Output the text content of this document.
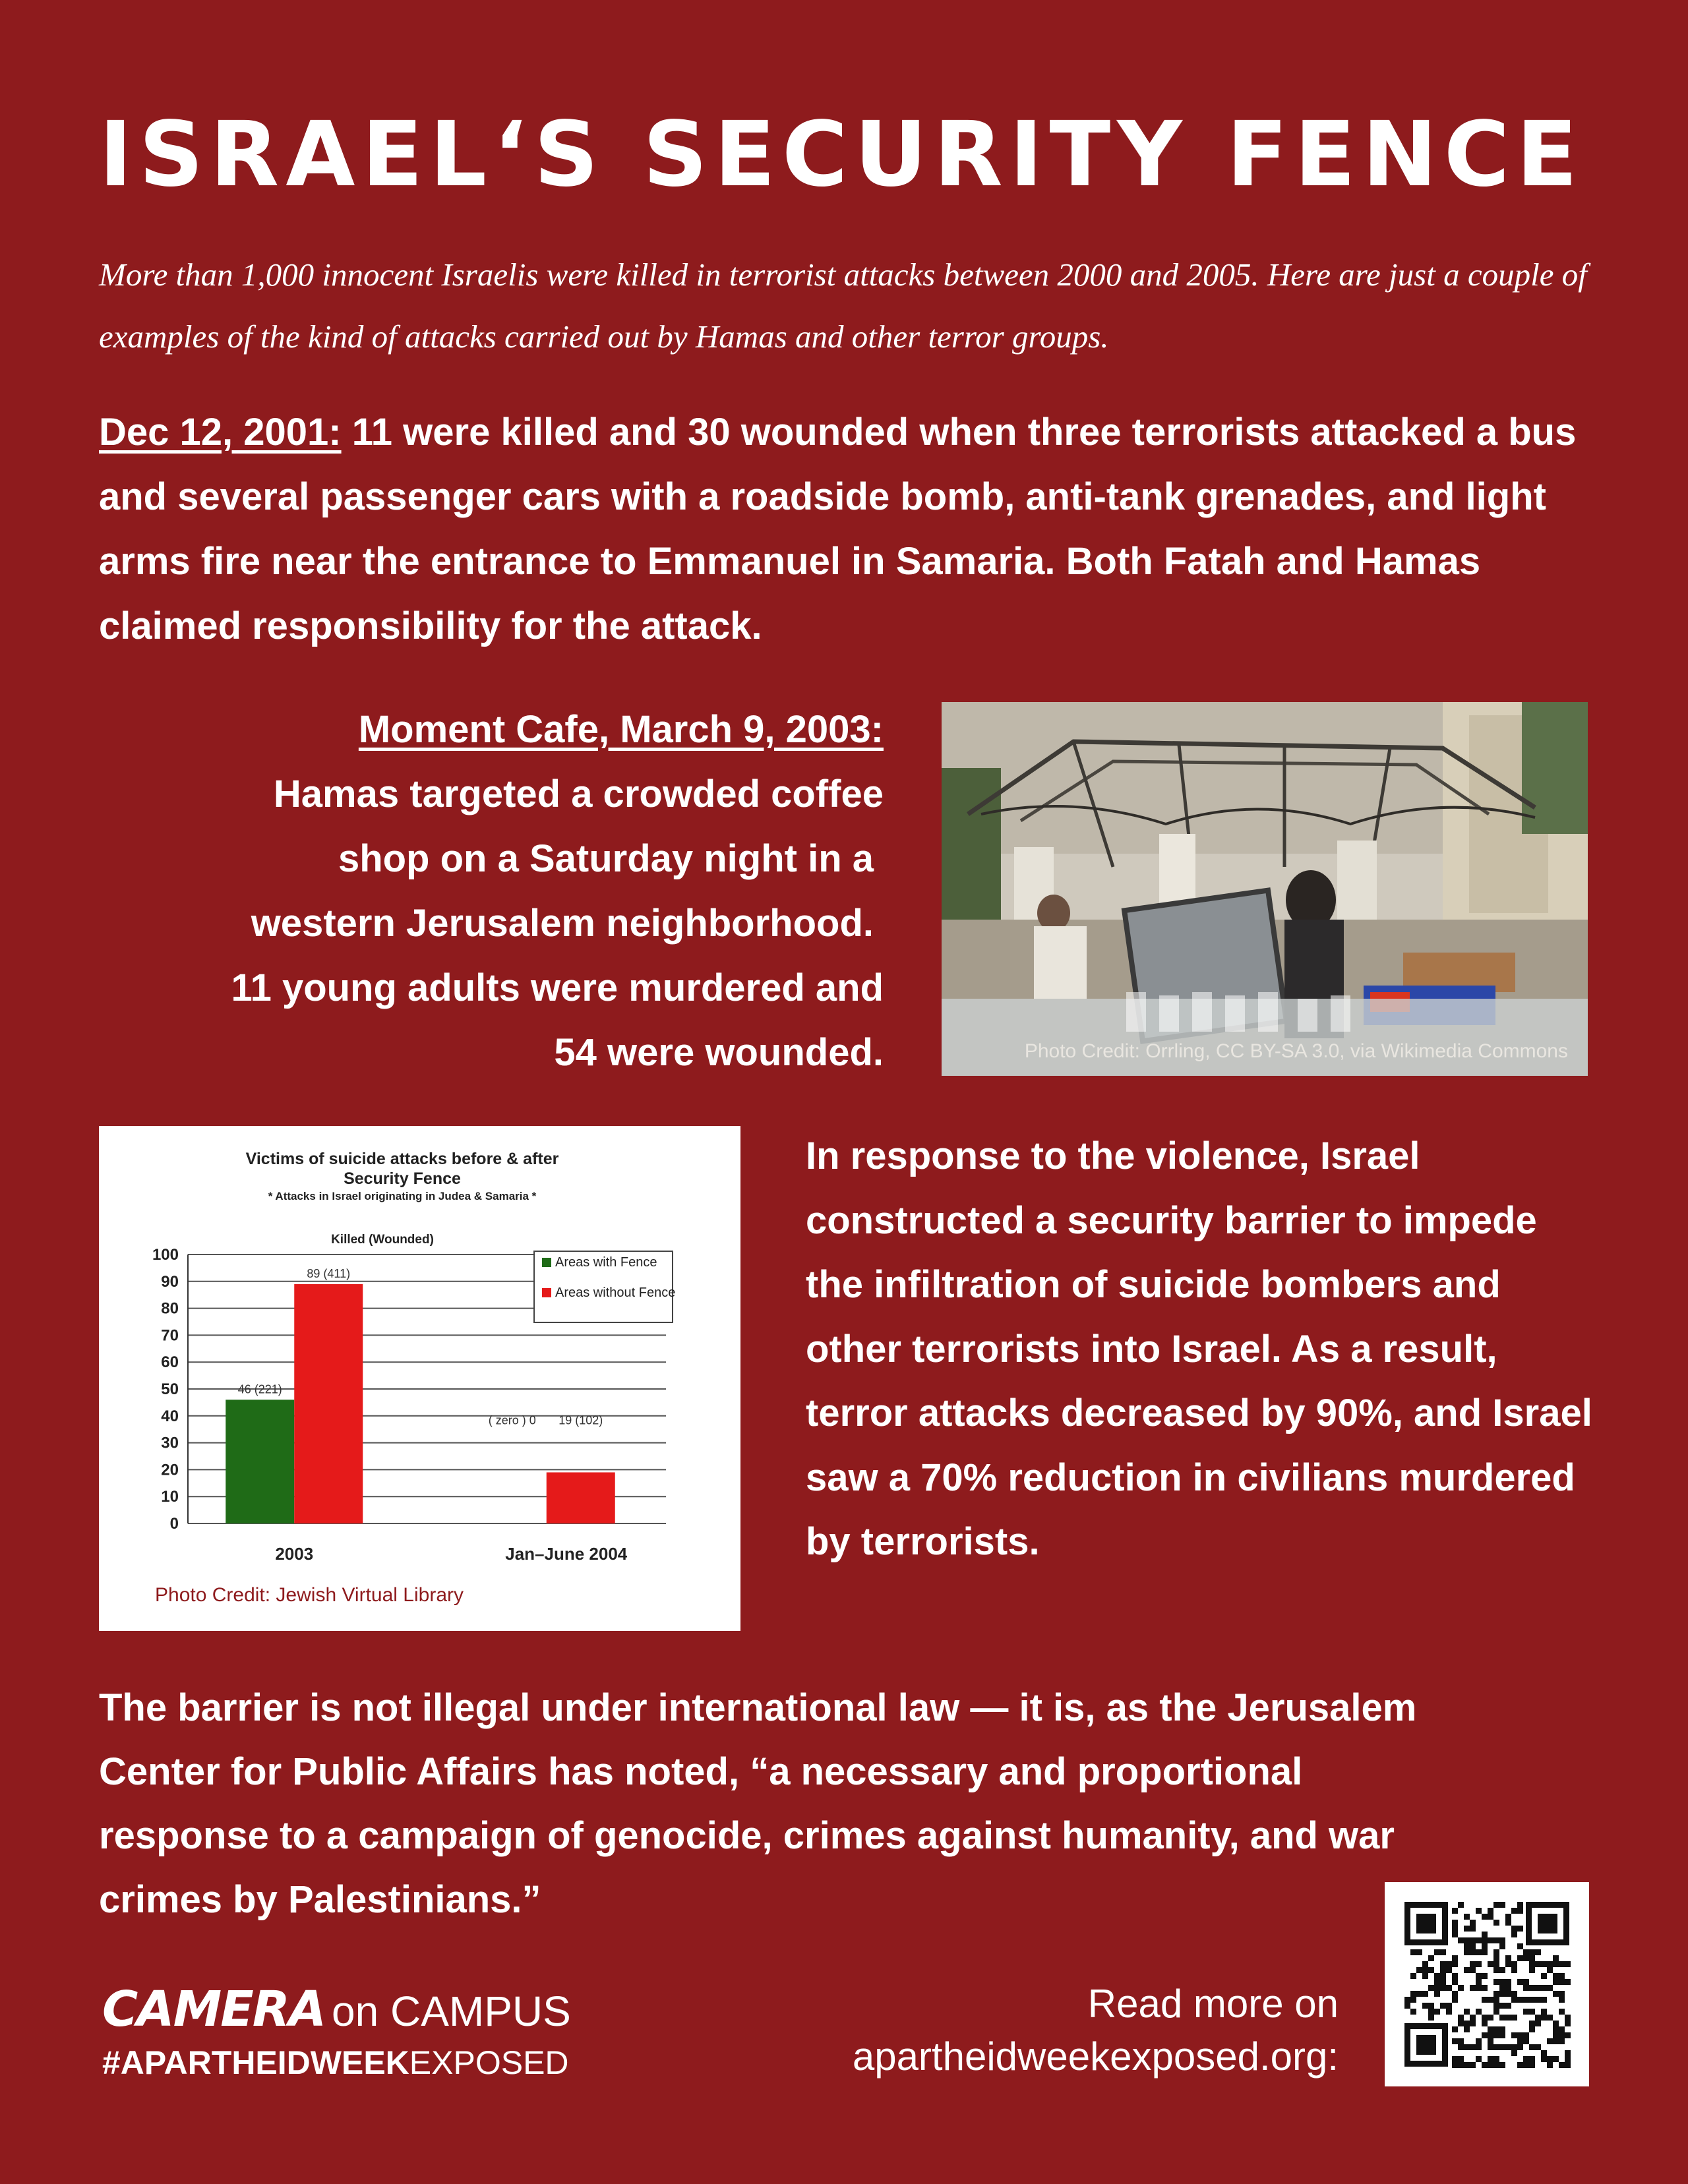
ISRAEL‘S SECURITY FENCE
More than 1,000 innocent Israelis were killed in terrorist attacks between 2000 and 2005. Here are just a couple of examples of the kind of attacks carried out by Hamas and other terror groups.
Dec 12, 2001: 11 were killed and 30 wounded when three terrorists attacked a bus and several passenger cars with a roadside bomb, anti-tank grenades, and light arms fire near the entrance to Emmanuel in Samaria. Both Fatah and Hamas claimed responsibility for the attack.
Moment Cafe, March 9, 2003:
Hamas targeted a crowded coffee
shop on a Saturday night in a
western Jerusalem neighborhood.
11 young adults were murdered and
54 were wounded.	Photo Credit: Orrling, CC BY-SA 3.0, via Wikimedia Commons
Victims of suicide attacks before & after
Security Fence
* Attacks in Israel originating in Judea & Samaria *
Killed (Wounded)
0
10
20
30
40
50
60
70
80
90
100
46 (221)
89 (411)
( zero ) 0 19 (102)
2003	Jan–June 2004
Areas with Fence
Areas without Fence
Photo Credit: Jewish Virtual Library
In response to the violence, Israel constructed a security barrier to impede the infiltration of suicide bombers and other terrorists into Israel. As a result, terror attacks decreased by 90%, and Israel saw a 70% reduction in civilians murdered by terrorists.
The barrier is not illegal under international law — it is, as the Jerusalem Center for Public Affairs has noted, “a necessary and proportional response to a campaign of genocide, crimes against humanity, and war crimes by Palestinians.”
CAMERA on CAMPUS
#APARTHEIDWEEKEXPOSED
Read more on
apartheidweekexposed.org:
